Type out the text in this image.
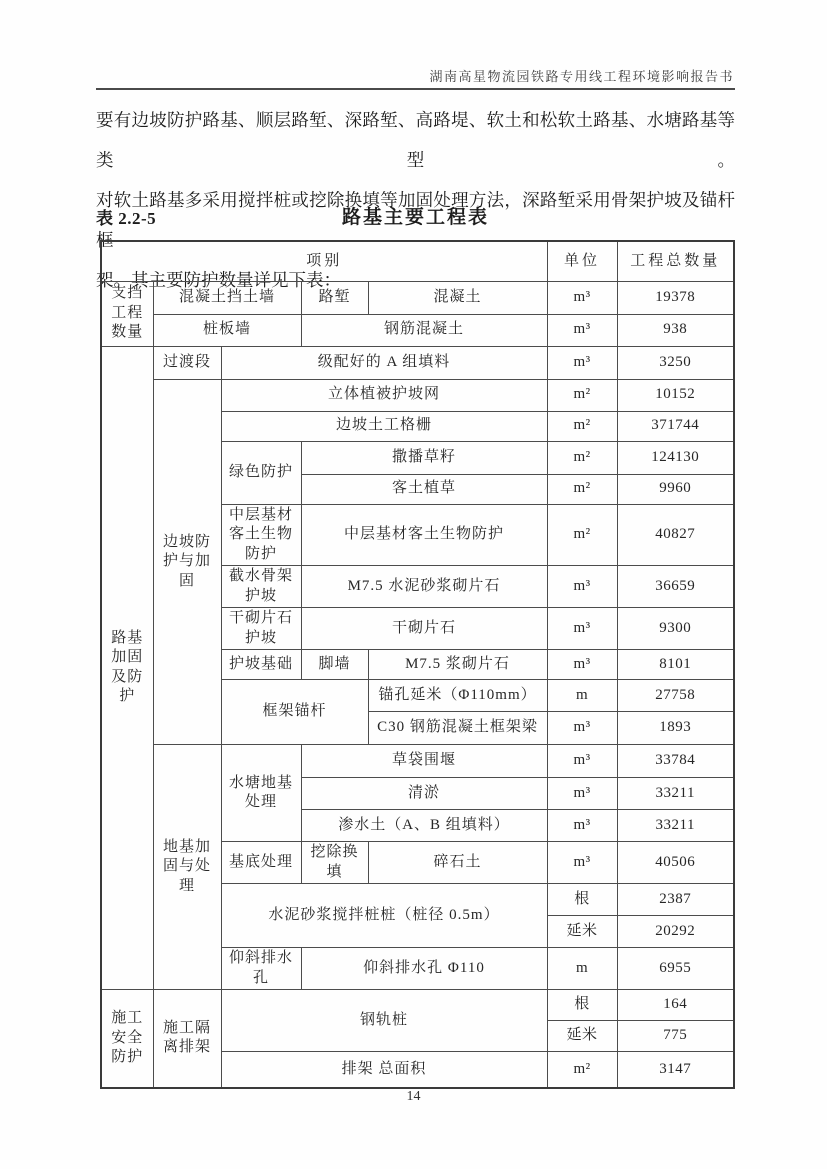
湖南高星物流园铁路专用线工程环境影响报告书
要有边坡防护路基、顺层路堑、深路堑、高路堤、软土和松软土路基、水塘路基等类型。
对软土路基多采用搅拌桩或挖除换填等加固处理方法，深路堑采用骨架护坡及锚杆框
架。其主要防护数量详见下表：
表 2.2-5	路基主要工程表
项别					单位	工程总数量
支挡工程数量	混凝土挡土墙		路堑	混凝土	m³	19378
	桩板墙		钢筋混凝土		m³	938
路基加固及防护	过渡段	级配好的 A 组填料			m³	3250
	边坡防护与加固	立体植被护坡网			m²	10152
		边坡土工格栅			m²	371744
		绿色防护	撒播草籽		m²	124130
			客土植草		m²	9960
		中层基材客土生物防护	中层基材客土生物防护		m²	40827
		截水骨架护坡	M7.5 水泥砂浆砌片石		m³	36659
		干砌片石护坡	干砌片石		m³	9300
		护坡基础	脚墙	M7.5 浆砌片石	m³	8101
		框架锚杆		锚孔延米（Φ110mm）	m	27758
				C30 钢筋混凝土框架梁	m³	1893
	地基加固与处理	水塘地基处理	草袋围堰		m³	33784
			清淤		m³	33211
			渗水土（A、B 组填料）		m³	33211
		基底处理	挖除换填	碎石土	m³	40506
		水泥砂浆搅拌桩桩（桩径 0.5m）			根	2387
					延米	20292
		仰斜排水孔	仰斜排水孔 Φ110		m	6955
施工安全防护	施工隔离排架	钢轨桩			根	164
					延米	775
		排架 总面积			m²	3147
14
